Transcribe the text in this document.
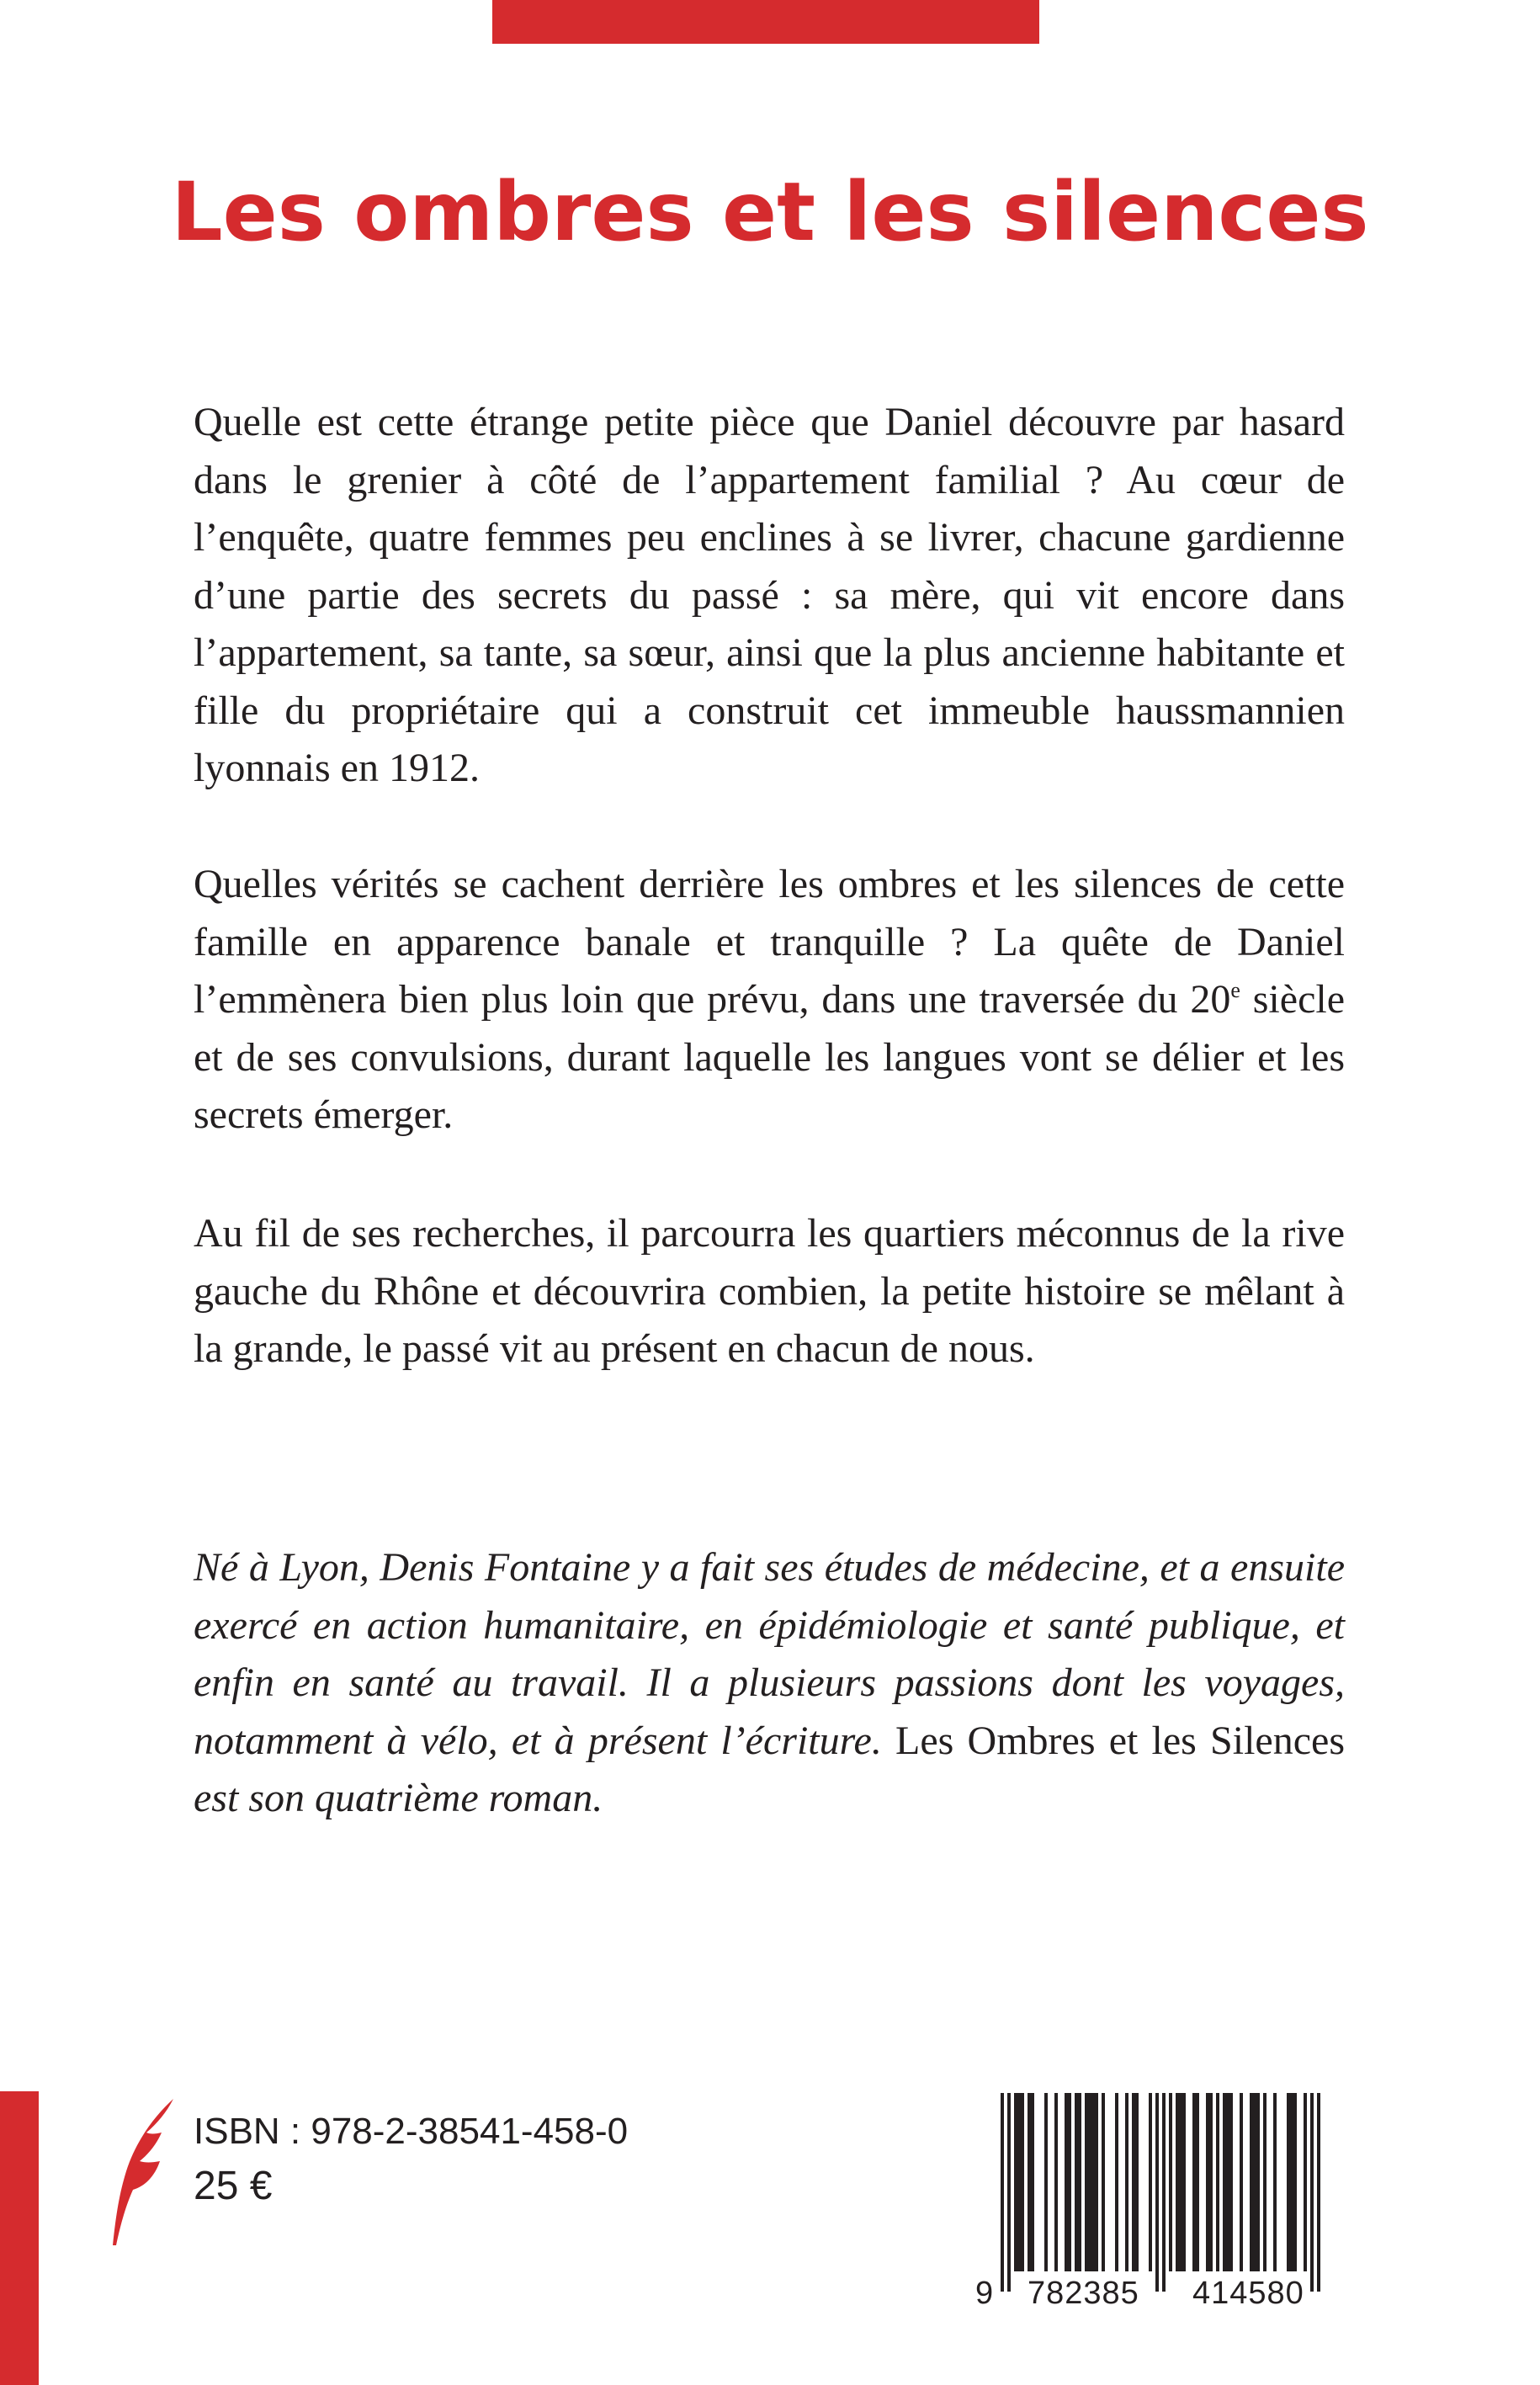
Les ombres et les silences

Quelle est cette étrange petite pièce que Daniel découvre par hasard dans le grenier à côté de l’appartement familial ? Au cœur de l’enquête, quatre femmes peu enclines à se livrer, chacune gardienne d’une partie des secrets du passé : sa mère, qui vit encore dans l’appartement, sa tante, sa sœur, ainsi que la plus ancienne habitante et fille du propriétaire qui a construit cet immeuble haussmannien lyonnais en 1912.

Quelles vérités se cachent derrière les ombres et les silences de cette famille en apparence banale et tranquille ? La quête de Daniel l’emmènera bien plus loin que prévu, dans une traversée du 20e siècle et de ses convulsions, durant laquelle les langues vont se délier et les secrets émerger.

Au fil de ses recherches, il parcourra les quartiers méconnus de la rive gauche du Rhône et découvrira combien, la petite histoire se mêlant à la grande, le passé vit au présent en chacun de nous.

Né à Lyon, Denis Fontaine y a fait ses études de médecine, et a ensuite exercé en action humanitaire, en épidémiologie et santé publique, et enfin en santé au travail. Il a plusieurs passions dont les voyages, notamment à vélo, et à présent l’écriture. Les Ombres et les Silences est son quatrième roman.

ISBN : 978-2-38541-458-0
25 €
9 782385 414580
